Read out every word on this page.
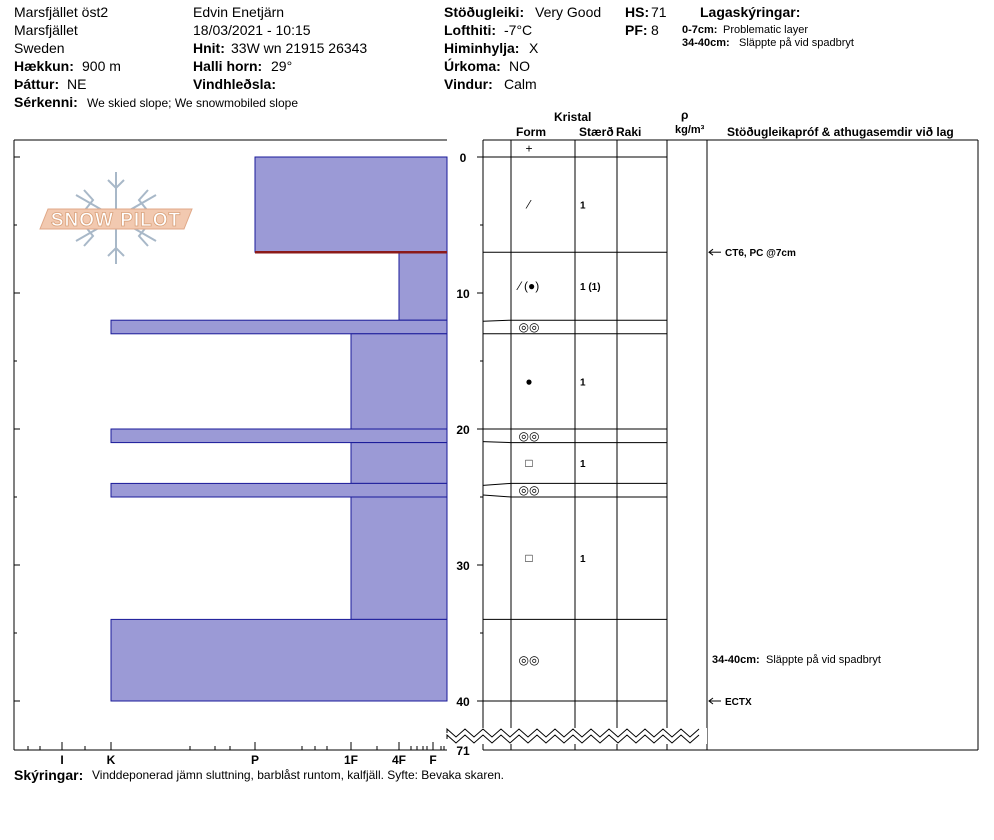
Marsfjället öst2
Marsfjället
Sweden
Hækkun: 900 m
Þáttur: NE
Edvin Enetjärn
18/03/2021 - 10:15
Hnit: 33W wn 21915 26343
Halli horn: 29°
Vindhleðsla:
Stöðugleiki: Very Good
Lofthiti: -7°C
Himinhylja: X
Úrkoma: NO
Vindur: Calm
HS: 71
PF: 8
Lagaskýringar:
0-7cm: Problematic layer
34-40cm: Släppte på vid spadbryt
Sérkenni: We skied slope; We snowmobiled slope
Kristal
Form	Stærð Raki
ρ
kg/m³ Stöðugleikapróf & athugasemdir við lag
SNOW PILOT
I	K	P	1F	4F F
0
10
20
30
40
71
+
⁄	1
⁄ (●)	1 (1)
◎◎
●	1
◎◎
□	1
◎◎
□	1
◎◎
CT6, PC @7cm
ECTX
34-40cm: Släppte på vid spadbryt
Skýringar: Vinddeponerad jämn sluttning, barblåst runtom, kalfjäll. Syfte: Bevaka skaren.
